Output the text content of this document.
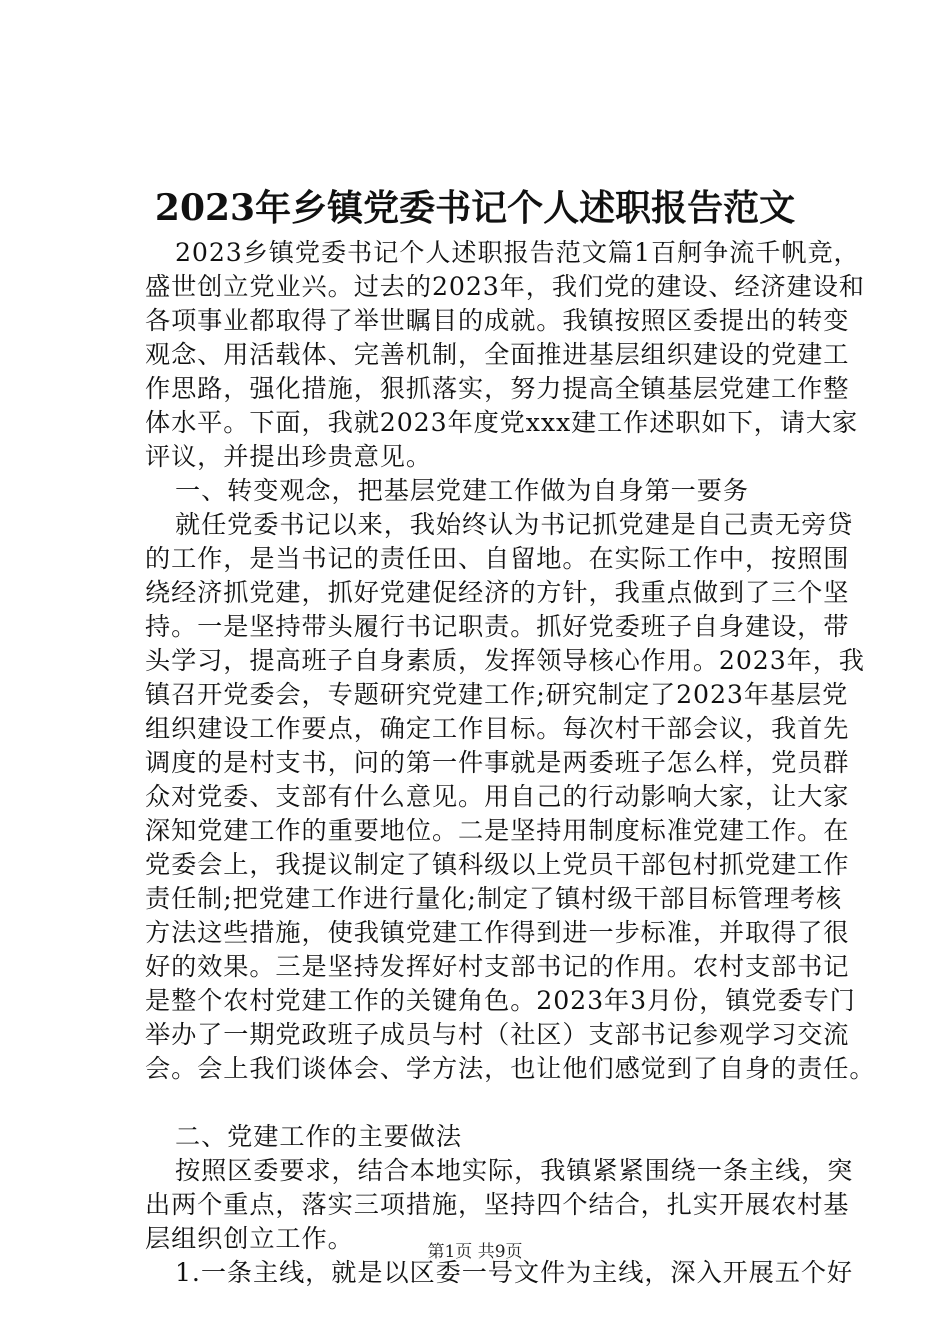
2023年乡镇党委书记个人述职报告范文
2023乡镇党委书记个人述职报告范文篇1百舸争流千帆竞，
盛世创立党业兴。过去的2023年，我们党的建设、经济建设和
各项事业都取得了举世瞩目的成就。我镇按照区委提出的转变
观念、用活载体、完善机制，全面推进基层组织建设的党建工
作思路，强化措施，狠抓落实，努力提高全镇基层党建工作整
体水平。下面，我就2023年度党xxx建工作述职如下，请大家
评议，并提出珍贵意见。
一、转变观念，把基层党建工作做为自身第一要务
就任党委书记以来，我始终认为书记抓党建是自己责无旁贷
的工作，是当书记的责任田、自留地。在实际工作中，按照围
绕经济抓党建，抓好党建促经济的方针，我重点做到了三个坚
持。一是坚持带头履行书记职责。抓好党委班子自身建设，带
头学习，提高班子自身素质，发挥领导核心作用。2023年，我
镇召开党委会，专题研究党建工作;研究制定了2023年基层党
组织建设工作要点，确定工作目标。每次村干部会议，我首先
调度的是村支书，问的第一件事就是两委班子怎么样，党员群
众对党委、支部有什么意见。用自己的行动影响大家，让大家
深知党建工作的重要地位。二是坚持用制度标准党建工作。在
党委会上，我提议制定了镇科级以上党员干部包村抓党建工作
责任制;把党建工作进行量化;制定了镇村级干部目标管理考核
方法这些措施，使我镇党建工作得到进一步标准，并取得了很
好的效果。三是坚持发挥好村支部书记的作用。农村支部书记
是整个农村党建工作的关键角色。2023年3月份，镇党委专门
举办了一期党政班子成员与村（社区）支部书记参观学习交流
会。会上我们谈体会、学方法，也让他们感觉到了自身的责任。
二、党建工作的主要做法
按照区委要求，结合本地实际，我镇紧紧围绕一条主线，突
出两个重点，落实三项措施，坚持四个结合，扎实开展农村基
层组织创立工作。
1.一条主线，就是以区委一号文件为主线，深入开展五个好
第1页 共9页
